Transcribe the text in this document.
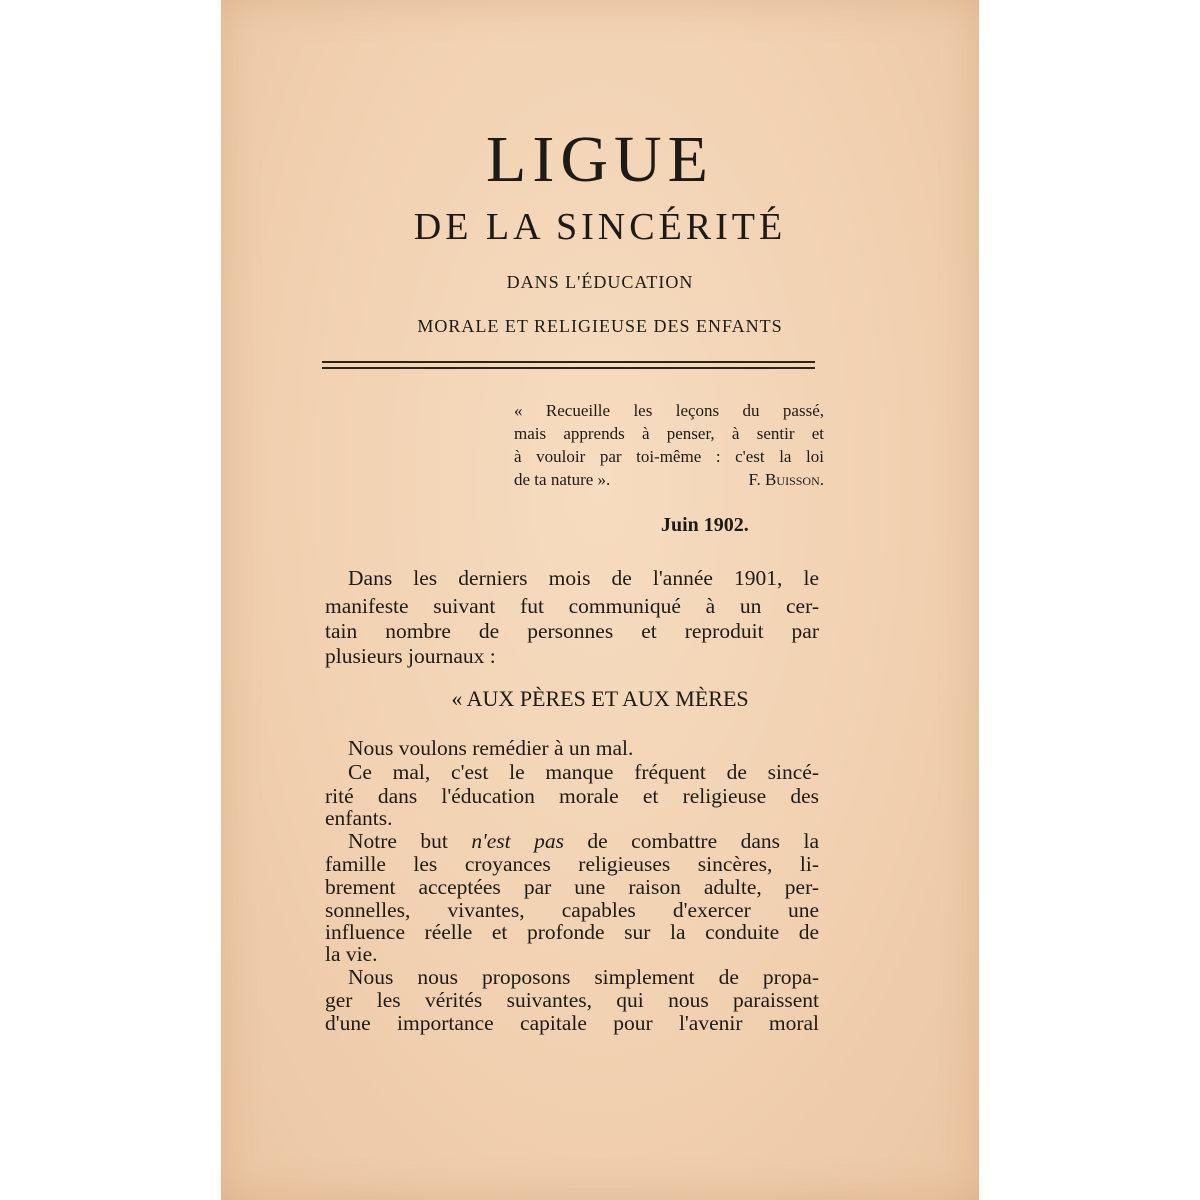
LIGUE
DE LA SINCÉRITÉ
DANS L'ÉDUCATION
MORALE ET RELIGIEUSE DES ENFANTS
« Recueille les leçons du passé,
mais apprends à penser, à sentir et
à vouloir par toi-même : c'est la loi
de ta nature ».	F. Buisson.
Juin 1902.
Dans les derniers mois de l'année 1901, le
manifeste suivant fut communiqué à un cer-
tain nombre de personnes et reproduit par
plusieurs journaux :
« AUX PÈRES ET AUX MÈRES
Nous voulons remédier à un mal.
Ce mal, c'est le manque fréquent de sincé-
rité dans l'éducation morale et religieuse des
enfants.
Notre but n'est pas de combattre dans la
famille les croyances religieuses sincères, li-
brement acceptées par une raison adulte, per-
sonnelles, vivantes, capables d'exercer une
influence réelle et profonde sur la conduite de
la vie.
Nous nous proposons simplement de propa-
ger les vérités suivantes, qui nous paraissent
d'une importance capitale pour l'avenir moral
